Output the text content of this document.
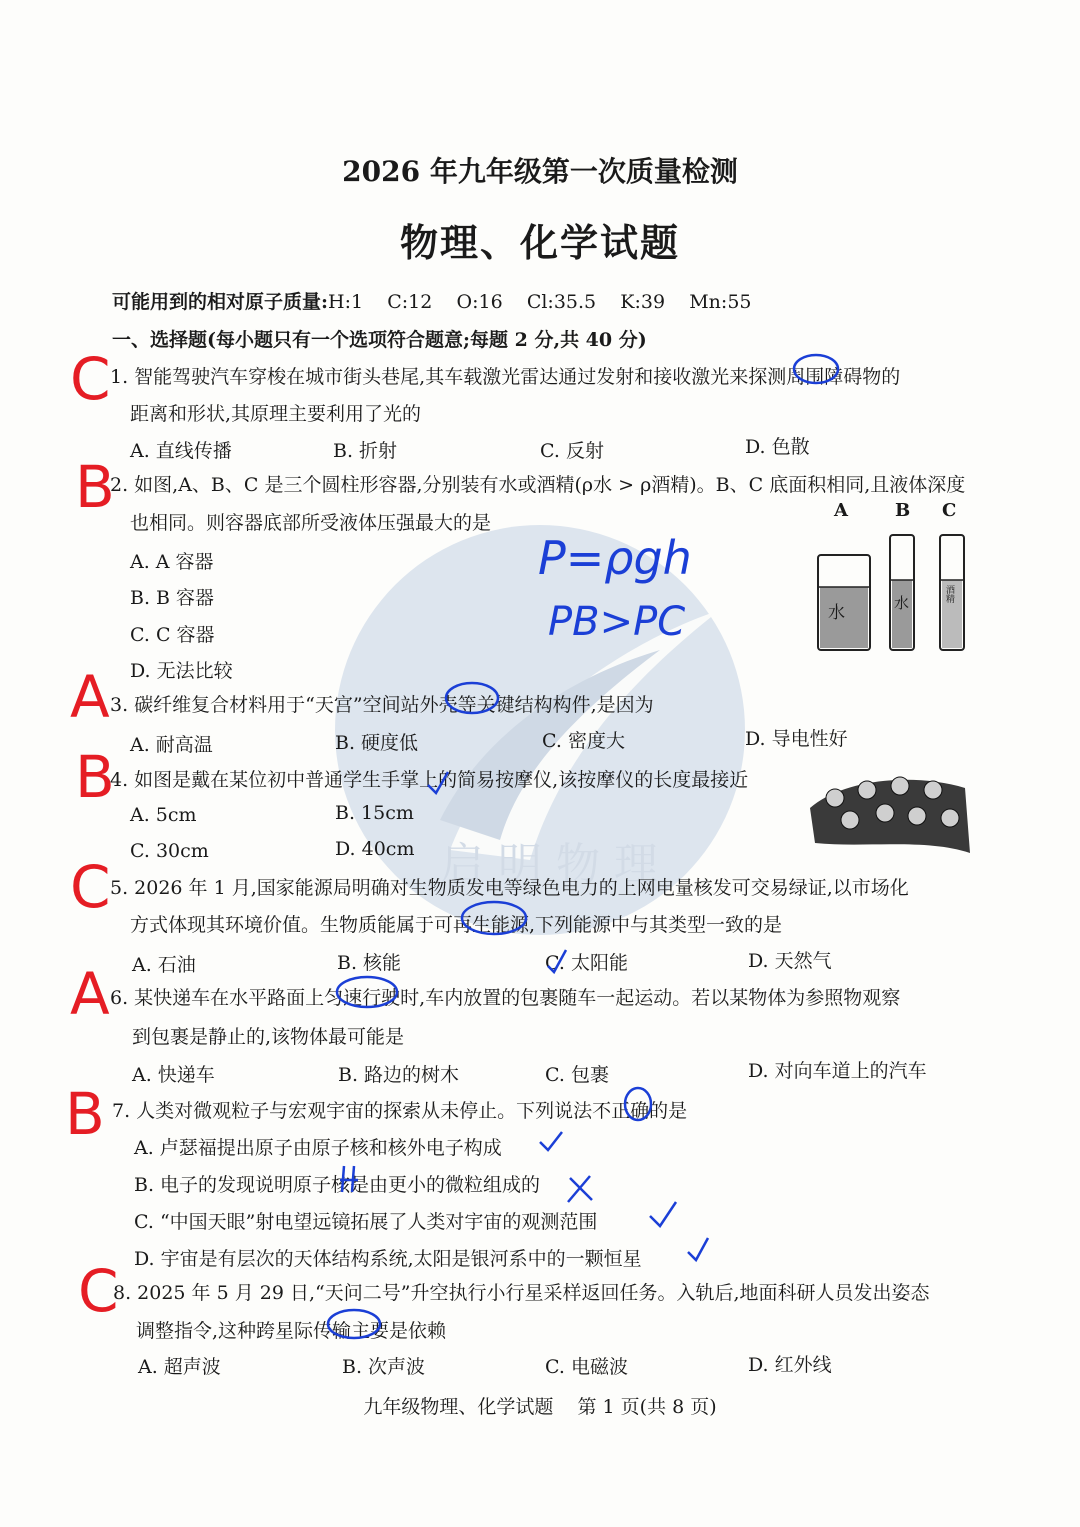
启明物理
2026 年九年级第一次质量检测
物理、化学试题
可能用到的相对原子质量:H:1    C:12    O:16    Cl:35.5    K:39    Mn:55
一、选择题(每小题只有一个选项符合题意;每题 2 分,共 40 分)
1. 智能驾驶汽车穿梭在城市街头巷尾,其车载激光雷达通过发射和接收激光来探测周围障碍物的
距离和形状,其原理主要利用了光的
A. 直线传播	B. 折射	C. 反射	D. 色散
2. 如图,A、B、C 是三个圆柱形容器,分别装有水或酒精(ρ水 > ρ酒精)。B、C 底面积相同,且液体深度
也相同。则容器底部所受液体压强最大的是
A. A 容器
B. B 容器
C. C 容器
D. 无法比较
A	B C
水	水	酒精
3. 碳纤维复合材料用于“天宫”空间站外壳等关键结构构件,是因为
A. 耐高温	B. 硬度低	C. 密度大	D. 导电性好
4. 如图是戴在某位初中普通学生手掌上的简易按摩仪,该按摩仪的长度最接近
A. 5cm	B. 15cm
C. 30cm	D. 40cm
5. 2026 年 1 月,国家能源局明确对生物质发电等绿色电力的上网电量核发可交易绿证,以市场化
方式体现其环境价值。生物质能属于可再生能源,下列能源中与其类型一致的是
A. 石油	B. 核能	C. 太阳能	D. 天然气
6. 某快递车在水平路面上匀速行驶时,车内放置的包裹随车一起运动。若以某物体为参照物观察
到包裹是静止的,该物体最可能是
A. 快递车	B. 路边的树木	C. 包裹	D. 对向车道上的汽车
7. 人类对微观粒子与宏观宇宙的探索从未停止。下列说法不正确的是
A. 卢瑟福提出原子由原子核和核外电子构成
B. 电子的发现说明原子核是由更小的微粒组成的
C. “中国天眼”射电望远镜拓展了人类对宇宙的观测范围
D. 宇宙是有层次的天体结构系统,太阳是银河系中的一颗恒星
8. 2025 年 5 月 29 日,“天问二号”升空执行小行星采样返回任务。入轨后,地面科研人员发出姿态
调整指令,这种跨星际传输主要是依赖
A. 超声波	B. 次声波	C. 电磁波	D. 红外线
九年级物理、化学试题    第 1 页(共 8 页)
C
B
A
B
C
A
B
C
P=ρgh
PB>PC
